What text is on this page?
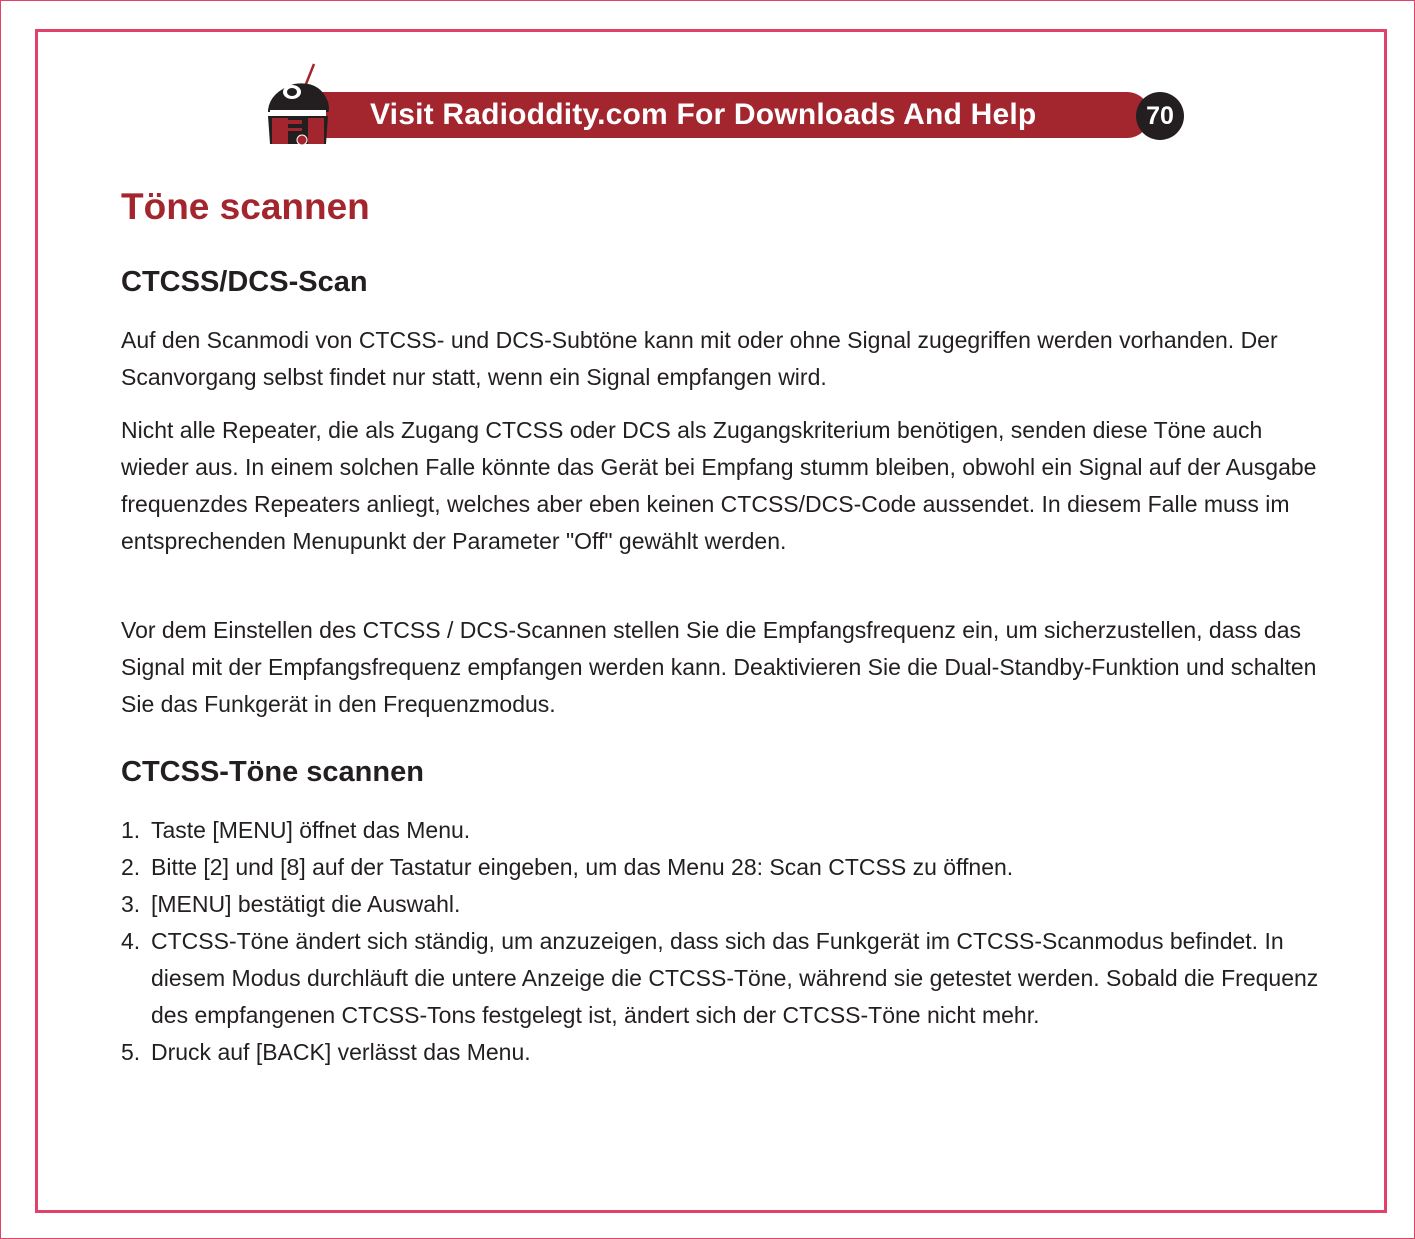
Visit Radioddity.com For Downloads And Help	70
Töne scannen
CTCSS/DCS-Scan

Auf den Scanmodi von CTCSS- und DCS-Subtöne kann mit oder ohne Signal zugegriffen werden vorhanden. Der Scanvorgang selbst findet nur statt, wenn ein Signal empfangen wird.

Nicht alle Repeater, die als Zugang CTCSS oder DCS als Zugangskriterium benötigen, senden diese Töne auch wieder aus. In einem solchen Falle könnte das Gerät bei Empfang stumm bleiben, obwohl ein Signal auf der Ausgabe frequenzdes Repeaters anliegt, welches aber eben keinen CTCSS/DCS-Code aussendet. In diesem Falle muss im entsprechenden Menupunkt der Parameter "Off" gewählt werden.

Vor dem Einstellen des CTCSS / DCS-Scannen stellen Sie die Empfangsfrequenz ein, um sicherzustellen, dass das Signal mit der Empfangsfrequenz empfangen werden kann. Deaktivieren Sie die Dual-Standby-Funktion und schalten Sie das Funkgerät in den Frequenzmodus.

CTCSS-Töne scannen
1. Taste [MENU] öffnet das Menu.
2. Bitte [2] und [8] auf der Tastatur eingeben, um das Menu 28: Scan CTCSS zu öffnen.
3. [MENU] bestätigt die Auswahl.
4. CTCSS-Töne ändert sich ständig, um anzuzeigen, dass sich das Funkgerät im CTCSS-Scanmodus befindet. In diesem Modus durchläuft die untere Anzeige die CTCSS-Töne, während sie getestet werden. Sobald die Frequenz des empfangenen CTCSS-Tons festgelegt ist, ändert sich der CTCSS-Töne nicht mehr.
5. Druck auf [BACK] verlässt das Menu.
